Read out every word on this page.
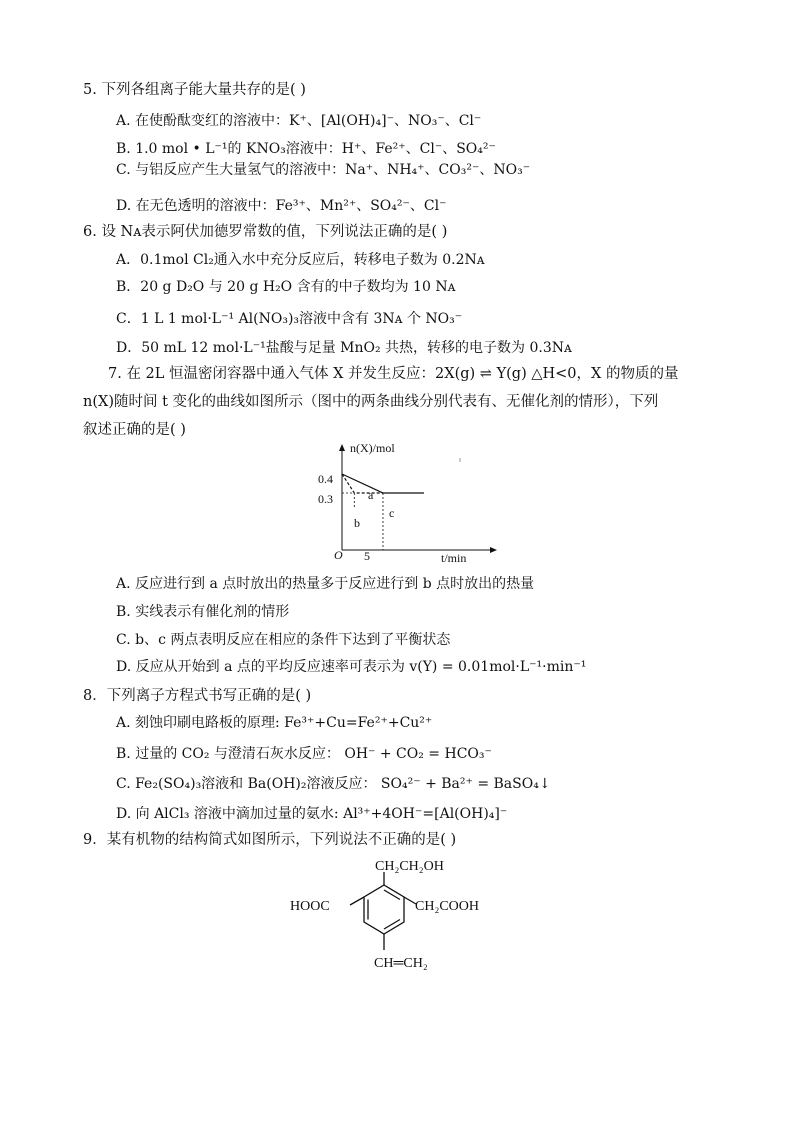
5. 下列各组离子能大量共存的是( )
A. 在使酚酞变红的溶液中：K⁺、[Al(OH)₄]⁻、NO₃⁻、Cl⁻
B. 1.0 mol • L⁻¹的 KNO₃溶液中：H⁺、Fe²⁺、Cl⁻、SO₄²⁻
C. 与铝反应产生大量氢气的溶液中：Na⁺、NH₄⁺、CO₃²⁻、NO₃⁻
D. 在无色透明的溶液中：Fe³⁺、Mn²⁺、SO₄²⁻、Cl⁻
6. 设 Nᴀ表示阿伏加德罗常数的值，下列说法正确的是( )
A．0.1mol Cl₂通入水中充分反应后，转移电子数为 0.2Nᴀ
B．20 g D₂O 与 20 g H₂O 含有的中子数均为 10 Nᴀ
C．1 L 1 mol·L⁻¹ Al(NO₃)₃溶液中含有 3Nᴀ 个 NO₃⁻
D．50 mL 12 mol·L⁻¹盐酸与足量 MnO₂ 共热，转移的电子数为 0.3Nᴀ
7. 在 2L 恒温密闭容器中通入气体 X 并发生反应：2X(g) ⇌ Y(g) △H<0，X 的物质的量
n(X)随时间 t 变化的曲线如图所示（图中的两条曲线分别代表有、无催化剂的情形），下列
叙述正确的是( )
n(X)/mol
t/min
O
0.4
0.3
5
a
b
c
A. 反应进行到 a 点时放出的热量多于反应进行到 b 点时放出的热量
B. 实线表示有催化剂的情形
C. b、c 两点表明反应在相应的条件下达到了平衡状态
D. 反应从开始到 a 点的平均反应速率可表示为 v(Y) = 0.01mol·L⁻¹·min⁻¹
8．下列离子方程式书写正确的是( )
A. 刻蚀印刷电路板的原理: Fe³⁺+Cu=Fe²⁺+Cu²⁺
B. 过量的 CO₂ 与澄清石灰水反应： OH⁻ + CO₂ = HCO₃⁻
C. Fe₂(SO₄)₃溶液和 Ba(OH)₂溶液反应： SO₄²⁻ + Ba²⁺ = BaSO₄↓
D. 向 AlCl₃ 溶液中滴加过量的氨水: Al³⁺+4OH⁻=[Al(OH)₄]⁻
9．某有机物的结构简式如图所示，下列说法不正确的是( )
CH₂CH₂OH
HOOC	CH₂COOH
CH═CH₂
